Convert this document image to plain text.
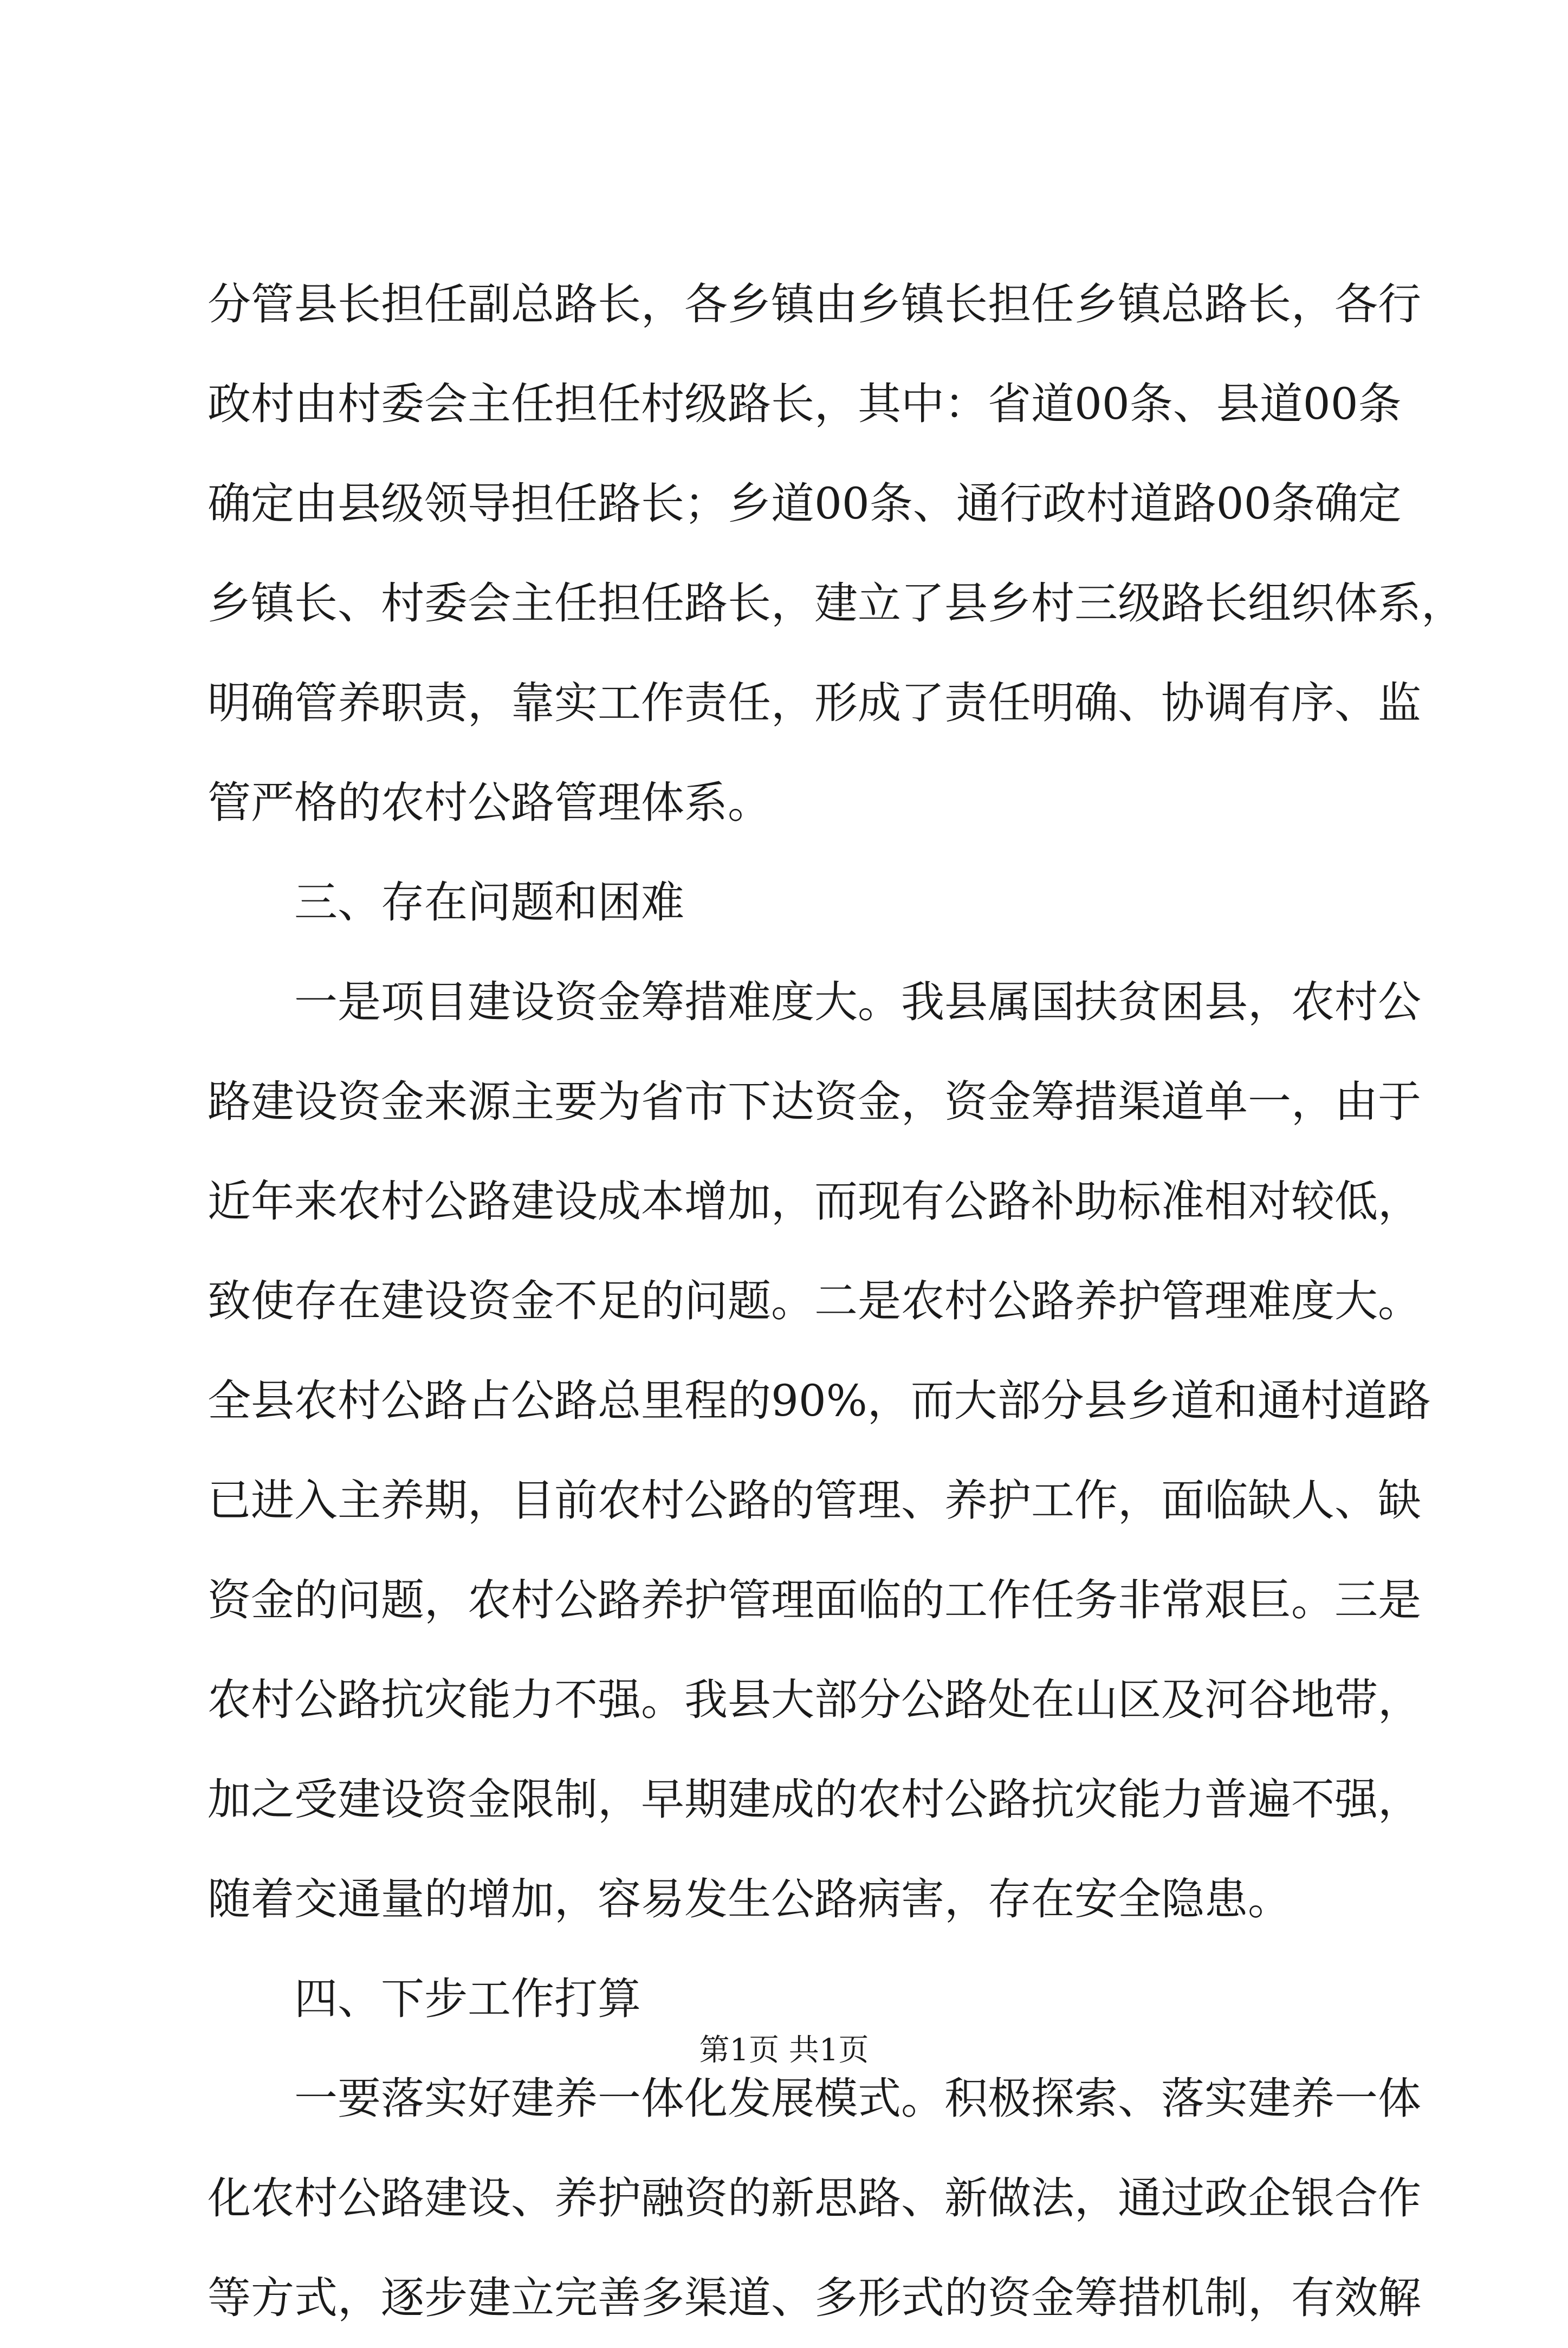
分管县长担任副总路长，各乡镇由乡镇长担任乡镇总路长，各行
政村由村委会主任担任村级路长，其中：省道00条、县道00条
确定由县级领导担任路长；乡道00条、通行政村道路00条确定
乡镇长、村委会主任担任路长，建立了县乡村三级路长组织体系，
明确管养职责，靠实工作责任，形成了责任明确、协调有序、监
管严格的农村公路管理体系。
三、存在问题和困难
一是项目建设资金筹措难度大。我县属国扶贫困县，农村公
路建设资金来源主要为省市下达资金，资金筹措渠道单一，由于
近年来农村公路建设成本增加，而现有公路补助标准相对较低，
致使存在建设资金不足的问题。二是农村公路养护管理难度大。
全县农村公路占公路总里程的90%，而大部分县乡道和通村道路
已进入主养期，目前农村公路的管理、养护工作，面临缺人、缺
资金的问题，农村公路养护管理面临的工作任务非常艰巨。三是
农村公路抗灾能力不强。我县大部分公路处在山区及河谷地带，
加之受建设资金限制，早期建成的农村公路抗灾能力普遍不强，
随着交通量的增加，容易发生公路病害，存在安全隐患。
四、下步工作打算
一要落实好建养一体化发展模式。积极探索、落实建养一体
化农村公路建设、养护融资的新思路、新做法，通过政企银合作
等方式，逐步建立完善多渠道、多形式的资金筹措机制，有效解
第1页 共1页
